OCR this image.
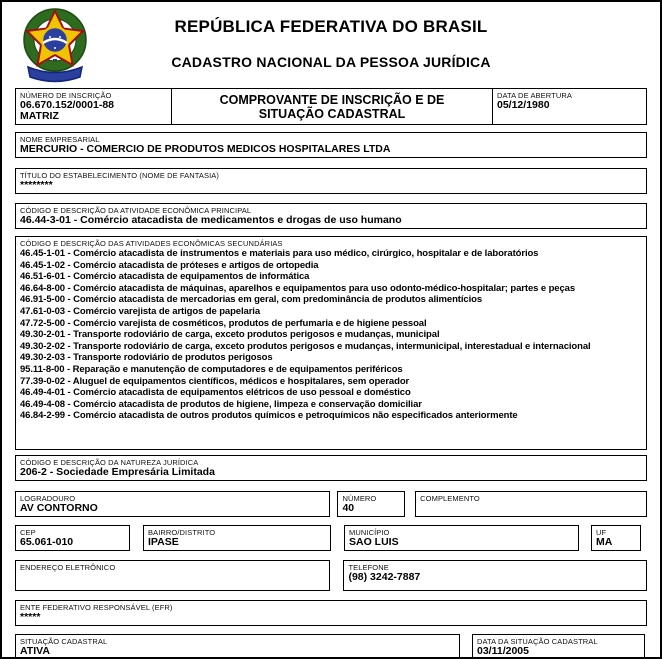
REPÚBLICA FEDERATIVA DO BRASIL
CADASTRO NACIONAL DA PESSOA JURÍDICA
NÚMERO DE INSCRIÇÃO
06.670.152/0001-88
MATRIZ
COMPROVANTE DE INSCRIÇÃO E DE SITUAÇÃO CADASTRAL
DATA DE ABERTURA
05/12/1980
NOME EMPRESARIAL
MERCURIO - COMERCIO DE PRODUTOS MEDICOS HOSPITALARES LTDA
TÍTULO DO ESTABELECIMENTO (NOME DE FANTASIA)
********
CÓDIGO E DESCRIÇÃO DA ATIVIDADE ECONÔMICA PRINCIPAL
46.44-3-01 - Comércio atacadista de medicamentos e drogas de uso humano
CÓDIGO E DESCRIÇÃO DAS ATIVIDADES ECONÔMICAS SECUNDÁRIAS
46.45-1-01 - Comércio atacadista de instrumentos e materiais para uso médico, cirúrgico, hospitalar e de laboratórios
46.45-1-02 - Comércio atacadista de próteses e artigos de ortopedia
46.51-6-01 - Comércio atacadista de equipamentos de informática
46.64-8-00 - Comércio atacadista de máquinas, aparelhos e equipamentos para uso odonto-médico-hospitalar; partes e peças
46.91-5-00 - Comércio atacadista de mercadorias em geral, com predominância de produtos alimentícios
47.61-0-03 - Comércio varejista de artigos de papelaria
47.72-5-00 - Comércio varejista de cosméticos, produtos de perfumaria e de higiene pessoal
49.30-2-01 - Transporte rodoviário de carga, exceto produtos perigosos e mudanças, municipal
49.30-2-02 - Transporte rodoviário de carga, exceto produtos perigosos e mudanças, intermunicipal, interestadual e internacional
49.30-2-03 - Transporte rodoviário de produtos perigosos
95.11-8-00 - Reparação e manutenção de computadores e de equipamentos periféricos
77.39-0-02 - Aluguel de equipamentos científicos, médicos e hospitalares, sem operador
46.49-4-01 - Comércio atacadista de equipamentos elétricos de uso pessoal e doméstico
46.49-4-08 - Comércio atacadista de produtos de higiene, limpeza e conservação domiciliar
46.84-2-99 - Comércio atacadista de outros produtos químicos e petroquímicos não especificados anteriormente
CÓDIGO E DESCRIÇÃO DA NATUREZA JURÍDICA
206-2 - Sociedade Empresária Limitada
LOGRADOURO
AV CONTORNO
NÚMERO
40
COMPLEMENTO
CEP
65.061-010
BAIRRO/DISTRITO
IPASE
MUNICÍPIO
SAO LUIS
UF
MA
ENDEREÇO ELETRÔNICO	TELEFONE
(98) 3242-7887
ENTE FEDERATIVO RESPONSÁVEL (EFR)
*****
SITUAÇÃO CADASTRAL
ATIVA
DATA DA SITUAÇÃO CADASTRAL
03/11/2005
